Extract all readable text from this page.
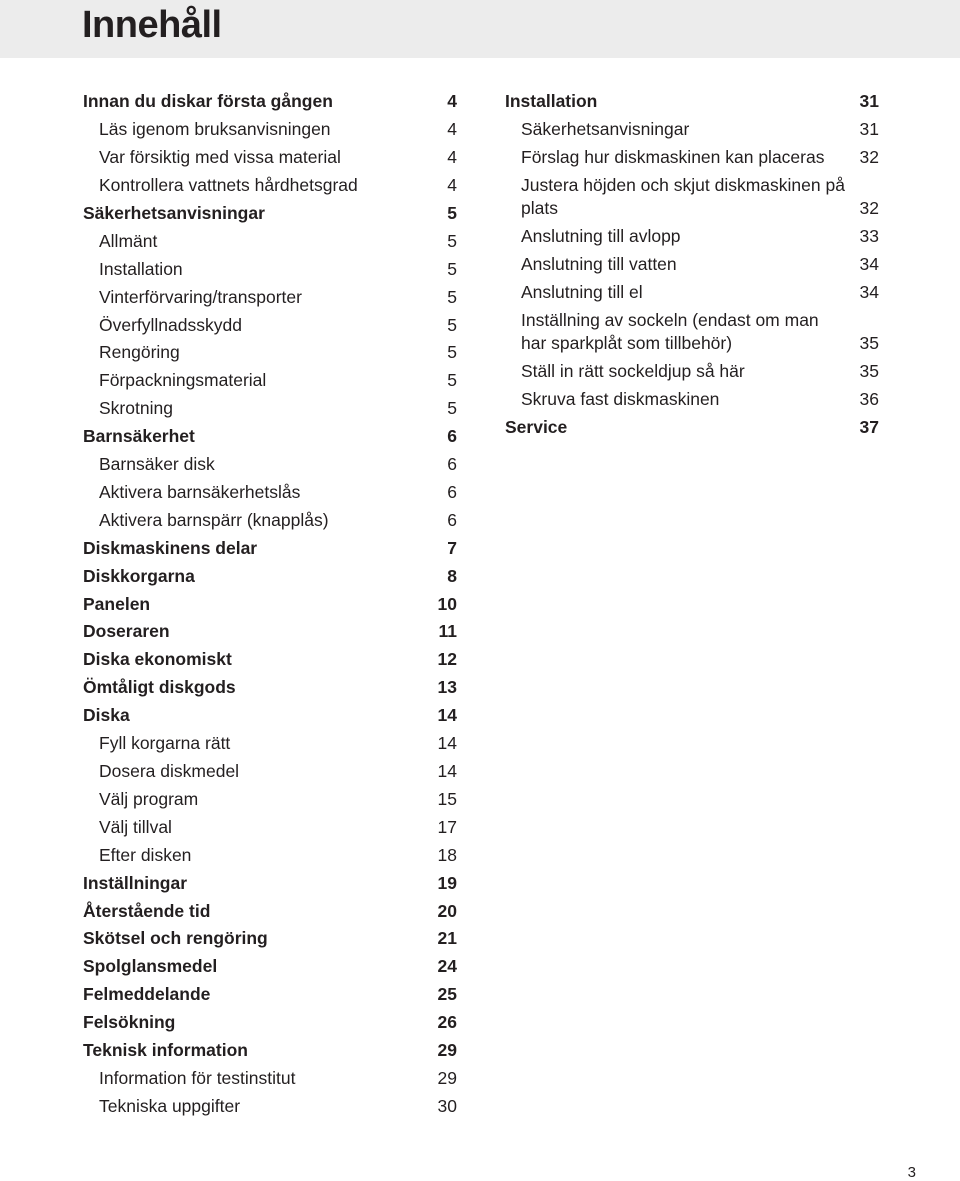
Innehåll
Innan du diskar första gången	4
Läs igenom bruksanvisningen	4
Var försiktig med vissa material	4
Kontrollera vattnets hårdhetsgrad	4
Säkerhetsanvisningar	5
Allmänt	5
Installation	5
Vinterförvaring/transporter	5
Överfyllnadsskydd	5
Rengöring	5
Förpackningsmaterial	5
Skrotning	5
Barnsäkerhet	6
Barnsäker disk	6
Aktivera barnsäkerhetslås	6
Aktivera barnspärr (knapplås)	6
Diskmaskinens delar	7
Diskkorgarna	8
Panelen	10
Doseraren	11
Diska ekonomiskt	12
Ömtåligt diskgods	13
Diska	14
Fyll korgarna rätt	14
Dosera diskmedel	14
Välj program	15
Välj tillval	17
Efter disken	18
Inställningar	19
Återstående tid	20
Skötsel och rengöring	21
Spolglansmedel	24
Felmeddelande	25
Felsökning	26
Teknisk information	29
Information för testinstitut	29
Tekniska uppgifter	30
Installation	31
Säkerhetsanvisningar	31
Förslag hur diskmaskinen kan placeras	32
Justera höjden och skjut diskmaskinen på plats	32
Anslutning till avlopp	33
Anslutning till vatten	34
Anslutning till el	34
Inställning av sockeln (endast om man har sparkplåt som tillbehör)	35
Ställ in rätt sockeldjup så här	35
Skruva fast diskmaskinen	36
Service	37
3
